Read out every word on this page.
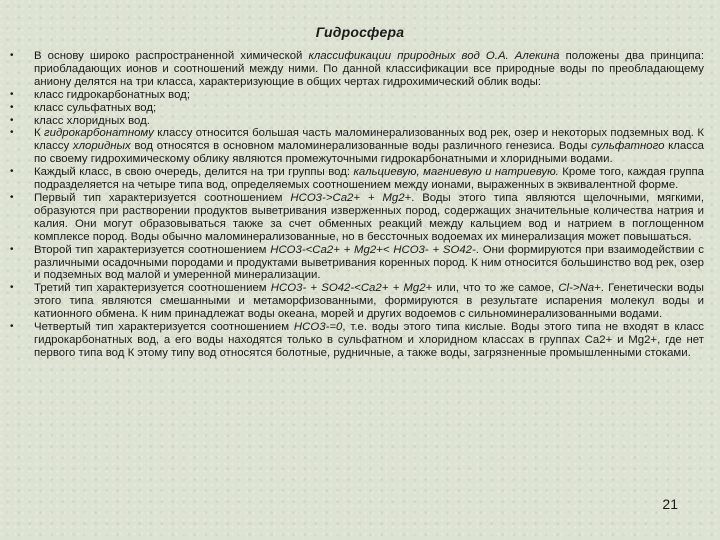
Гидросфера
• В основу широко распространенной химической классификации природных вод О.А. Алекина положены два принципа: приобладающих ионов и соотношений между ними. По данной классификации все природные воды по преобладающему аниону делятся на три класса, характеризующие в общих чертах гидрохимический облик воды:
• класс гидрокарбонатных вод;
• класс сульфатных вод;
• класс хлоридных вод.
• К гидрокарбонатному классу относится большая часть маломинерализованных вод рек, озер и некоторых подземных вод. К классу хлоридных вод относятся в основном маломинерализованные воды различного генезиса. Воды сульфатного класса по своему гидрохимическому облику являются промежуточными гидрокарбонатными и хлоридными водами.
• Каждый класс, в свою очередь, делится на три группы вод: кальциевую, магниевую и натриевую. Кроме того, каждая группа подразделяется на четыре типа вод, определяемых соотношением между ионами, выраженных в эквивалентной форме.
• Первый тип характеризуется соотношением HCO3->Ca2+ + Mg2+. Воды этого типа являются щелочными, мягкими, образуются при растворении продуктов выветривания изверженных пород, содержащих значительные количества натрия и калия. Они могут образовываться также за счет обменных реакций между кальцием вод и натрием в поглощенном комплексе пород. Воды обычно маломинерализованные, но в бессточных водоемах их минерализация может повышаться.
• Второй тип характеризуется соотношением HCO3-<Ca2+ + Mg2+< HCO3- + SO42-. Они формируются при взаимодействии с различными осадочными породами и продуктами выветривания коренных пород. К ним относится большинство вод рек, озер и подземных вод малой и умеренной минерализации.
• Третий тип характеризуется соотношением HCO3- + SO42-<Ca2+ + Mg2+ или, что то же самое, Cl->Na+. Генетически воды этого типа являются смешанными и метаморфизованными, формируются в результате испарения молекул воды и катионного обмена. К ним принадлежат воды океана, морей и других водоемов с сильноминерализованными водами.
• Четвертый тип характеризуется соотношением HCO3-=0, т.е. воды этого типа кислые. Воды этого типа не входят в класс гидрокарбонатных вод, а его воды находятся только в сульфатном и хлоридном классах в группах Ca2+ и Mg2+, где нет первого типа вод К этому типу вод относятся болотные, рудничные, а также воды, загрязненные промышленными стоками.
21
